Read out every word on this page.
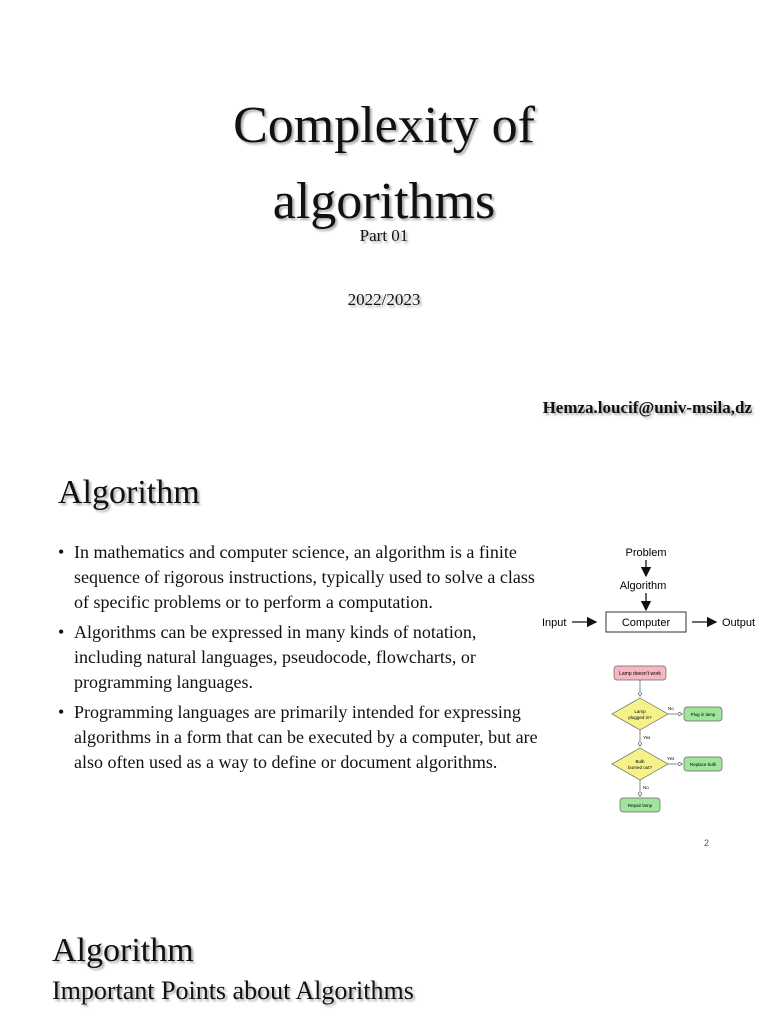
Complexity of
algorithms
Part 01
2022/2023
Hemza.loucif@univ-msila,dz
Algorithm
• In mathematics and computer science, an algorithm is a finite sequence of rigorous instructions, typically used to solve a class of specific problems or to perform a computation.
• Algorithms can be expressed in many kinds of notation, including natural languages, pseudocode, flowcharts, or programming languages.
• Programming languages are primarily intended for expressing algorithms in a form that can be executed by a computer, but are also often used as a way to define or document algorithms.
Problem
Algorithm
Input	Computer	Output
Lamp doesn't work
Lamp
plugged in?
No
Plug in lamp
Yes
Bulb
burned out?
Yes
Replace bulb
No
Repair lamp
2
Algorithm
Important Points about Algorithms
